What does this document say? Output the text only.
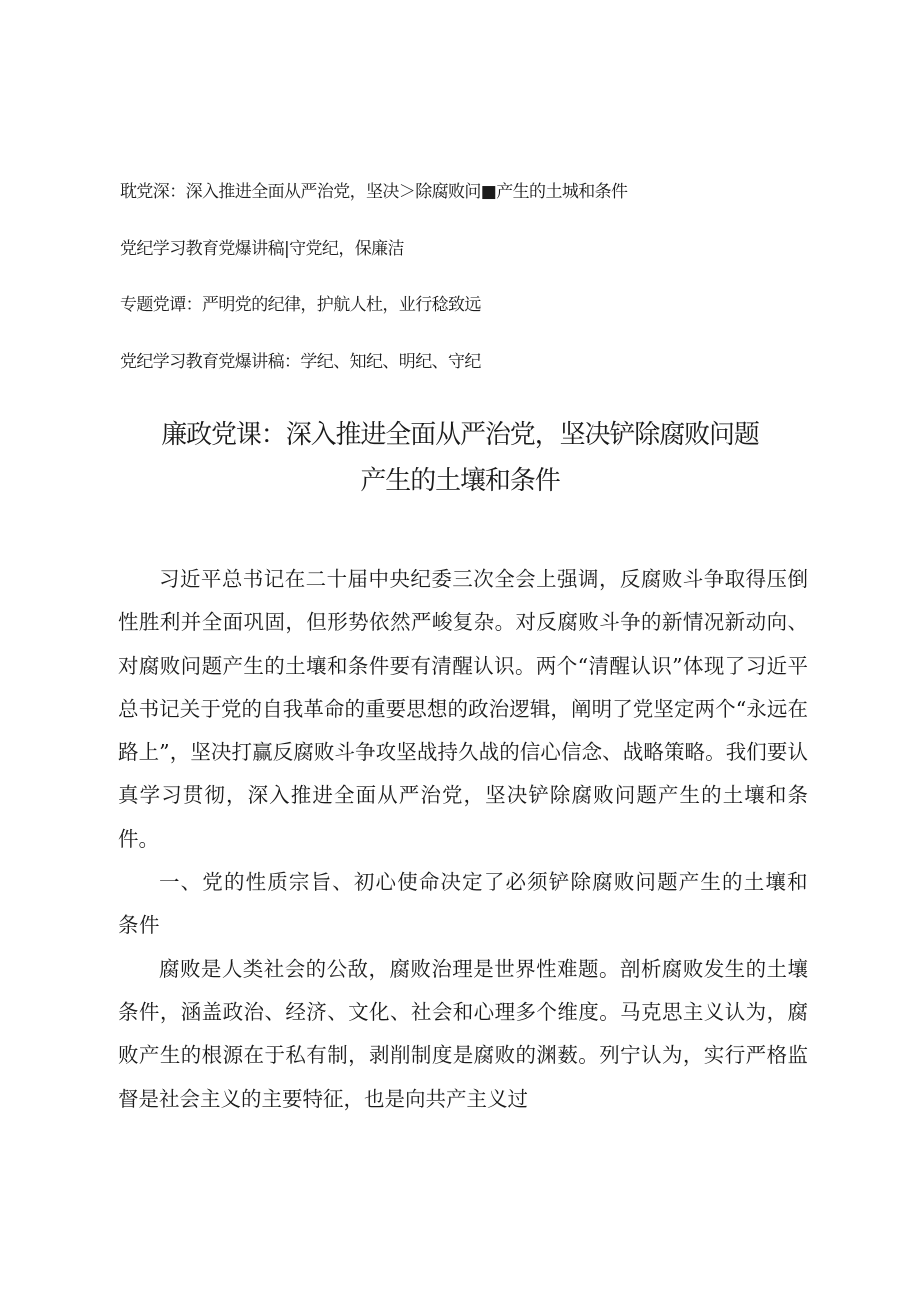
耽党深：深入推进全面从严治党，坚决＞除腐败问■产生的土城和条件
党纪学习教育党爆讲稿|守党纪，保廉洁
专题党谭：严明党的纪律，护航人杜，业行稔致远
党纪学习教育党爆讲稿：学纪、知纪、明纪、守纪
廉政党课：深入推进全面从严治党，坚决铲除腐败问题
产生的土壤和条件

习近平总书记在二十届中央纪委三次全会上强调，反腐败斗争取得压倒性胜利并全面巩固，但形势依然严峻复杂。对反腐败斗争的新情况新动向、对腐败问题产生的土壤和条件要有清醒认识。两个“清醒认识”体现了习近平总书记关于党的自我革命的重要思想的政治逻辑，阐明了党坚定两个“永远在路上”，坚决打赢反腐败斗争攻坚战持久战的信心信念、战略策略。我们要认真学习贯彻，深入推进全面从严治党，坚决铲除腐败问题产生的土壤和条件。

一、党的性质宗旨、初心使命决定了必须铲除腐败问题产生的土壤和条件

腐败是人类社会的公敌，腐败治理是世界性难题。剖析腐败发生的土壤条件，涵盖政治、经济、文化、社会和心理多个维度。马克思主义认为，腐败产生的根源在于私有制，剥削制度是腐败的渊薮。列宁认为，实行严格监督是社会主义的主要特征，也是向共产主义过
